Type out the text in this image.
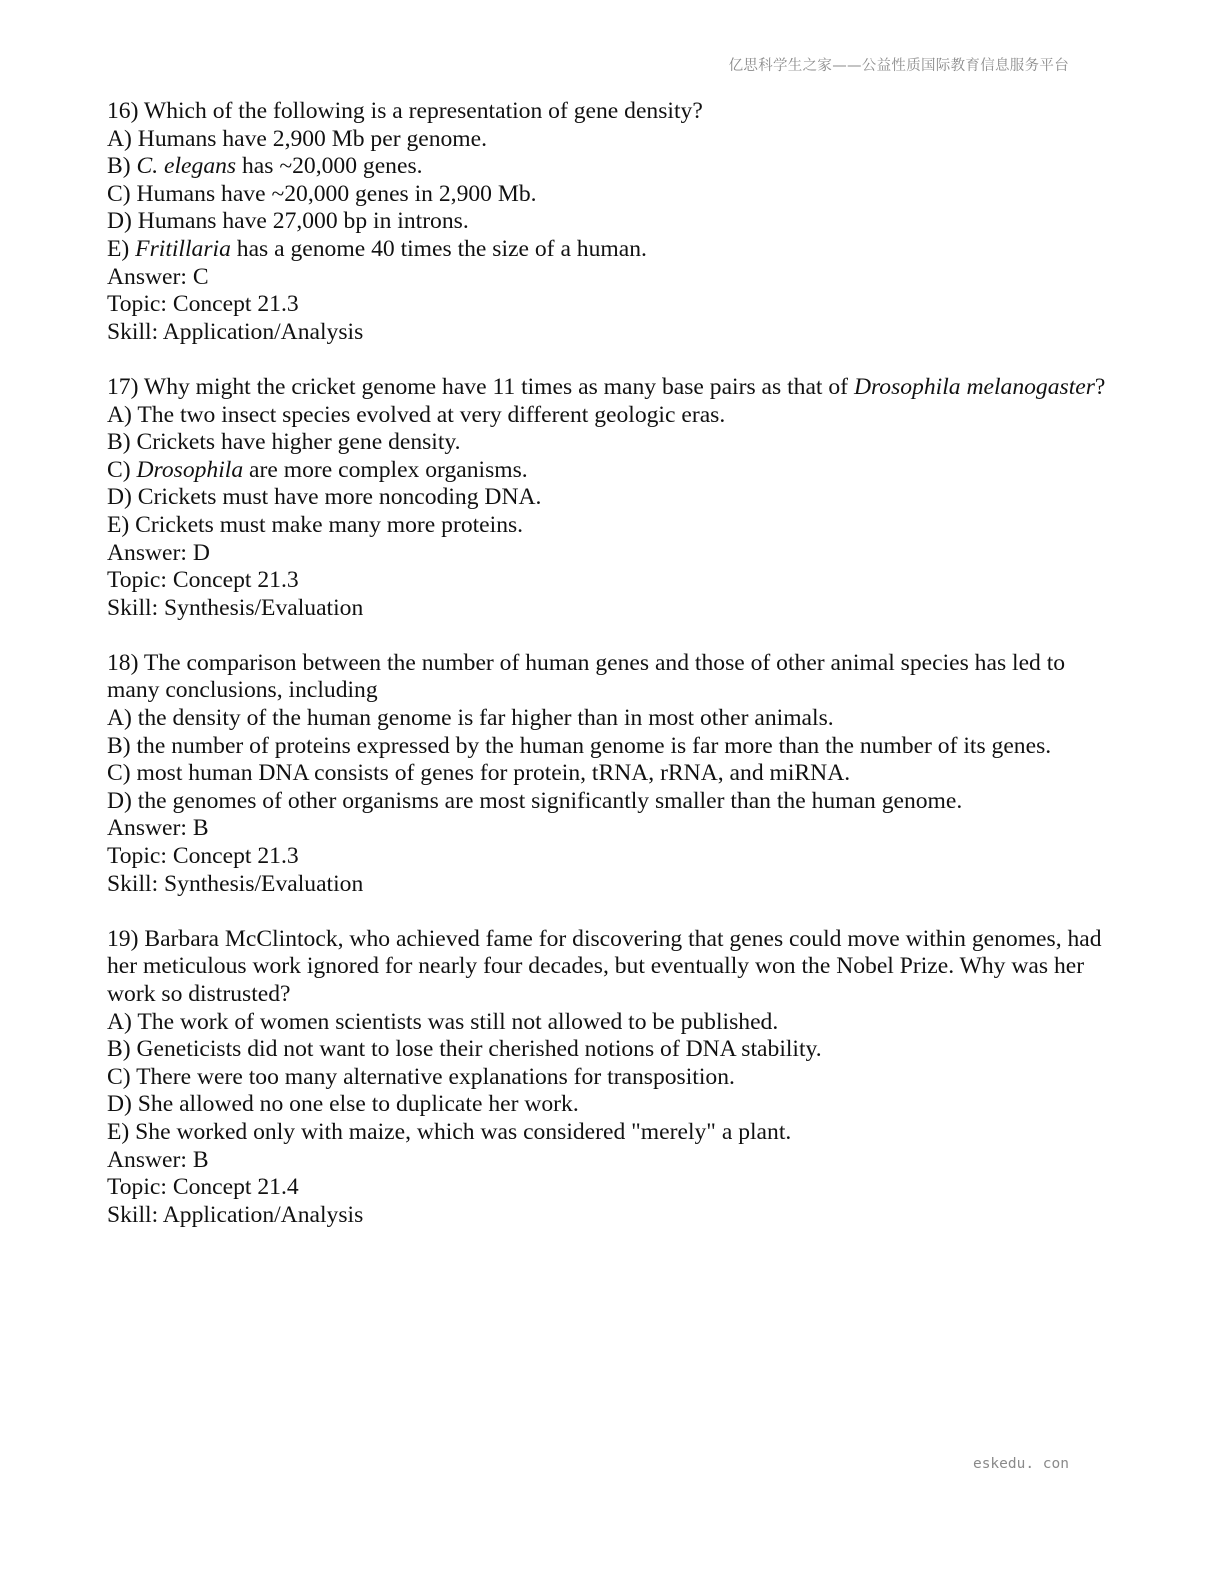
亿思科学生之家——公益性质国际教育信息服务平台
16) Which of the following is a representation of gene density?
A) Humans have 2,900 Mb per genome.
B) C. elegans has ~20,000 genes.
C) Humans have ~20,000 genes in 2,900 Mb.
D) Humans have 27,000 bp in introns.
E) Fritillaria has a genome 40 times the size of a human.
Answer: C
Topic: Concept 21.3
Skill: Application/Analysis
17) Why might the cricket genome have 11 times as many base pairs as that of Drosophila melanogaster?
A) The two insect species evolved at very different geologic eras.
B) Crickets have higher gene density.
C) Drosophila are more complex organisms.
D) Crickets must have more noncoding DNA.
E) Crickets must make many more proteins.
Answer: D
Topic: Concept 21.3
Skill: Synthesis/Evaluation
18) The comparison between the number of human genes and those of other animal species has led to many conclusions, including
A) the density of the human genome is far higher than in most other animals.
B) the number of proteins expressed by the human genome is far more than the number of its genes.
C) most human DNA consists of genes for protein, tRNA, rRNA, and miRNA.
D) the genomes of other organisms are most significantly smaller than the human genome.
Answer: B
Topic: Concept 21.3
Skill: Synthesis/Evaluation
19) Barbara McClintock, who achieved fame for discovering that genes could move within genomes, had her meticulous work ignored for nearly four decades, but eventually won the Nobel Prize. Why was her work so distrusted?
A) The work of women scientists was still not allowed to be published.
B) Geneticists did not want to lose their cherished notions of DNA stability.
C) There were too many alternative explanations for transposition.
D) She allowed no one else to duplicate her work.
E) She worked only with maize, which was considered "merely" a plant.
Answer: B
Topic: Concept 21.4
Skill: Application/Analysis
eskedu. con
